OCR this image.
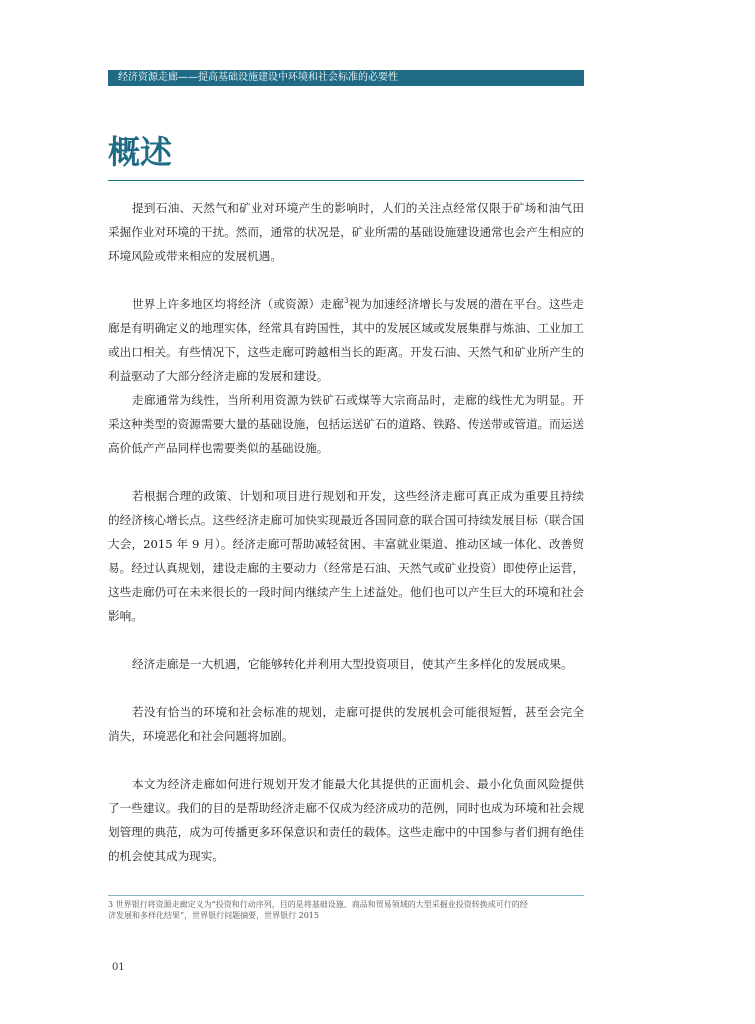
经济资源走廊——提高基础设施建设中环境和社会标准的必要性
概述

提到石油、天然气和矿业对环境产生的影响时，人们的关注点经常仅限于矿场和油气田采掘作业对环境的干扰。然而，通常的状况是，矿业所需的基础设施建设通常也会产生相应的环境风险或带来相应的发展机遇。

世界上许多地区均将经济（或资源）走廊$^3$视为加速经济增长与发展的潜在平台。这些走廊是有明确定义的地理实体，经常具有跨国性，其中的发展区域或发展集群与炼油、工业加工或出口相关。有些情况下，这些走廊可跨越相当长的距离。开发石油、天然气和矿业所产生的利益驱动了大部分经济走廊的发展和建设。

走廊通常为线性，当所利用资源为铁矿石或煤等大宗商品时，走廊的线性尤为明显。开采这种类型的资源需要大量的基础设施，包括运送矿石的道路、铁路、传送带或管道。而运送高价低产产品同样也需要类似的基础设施。

若根据合理的政策、计划和项目进行规划和开发，这些经济走廊可真正成为重要且持续的经济核心增长点。这些经济走廊可加快实现最近各国同意的联合国可持续发展目标（联合国大会，2015 年 9 月）。经济走廊可帮助减轻贫困、丰富就业渠道、推动区域一体化、改善贸易。经过认真规划，建设走廊的主要动力（经常是石油、天然气或矿业投资）即使停止运营，这些走廊仍可在未来很长的一段时间内继续产生上述益处。他们也可以产生巨大的环境和社会影响。

经济走廊是一大机遇，它能够转化并利用大型投资项目，使其产生多样化的发展成果。

若没有恰当的环境和社会标准的规划，走廊可提供的发展机会可能很短暂，甚至会完全消失，环境恶化和社会问题将加剧。

本文为经济走廊如何进行规划开发才能最大化其提供的正面机会、最小化负面风险提供了一些建议。我们的目的是帮助经济走廊不仅成为经济成功的范例，同时也成为环境和社会规划管理的典范，成为可传播更多环保意识和责任的载体。这些走廊中的中国参与者们拥有绝佳的机会使其成为现实。

3 世界银行将资源走廊定义为“投资和行动序列，目的是将基础设施、商品和贸易领域的大型采掘业投资转换成可行的经济发展和多样化结果”，世界银行问题摘要，世界银行 2015

01
